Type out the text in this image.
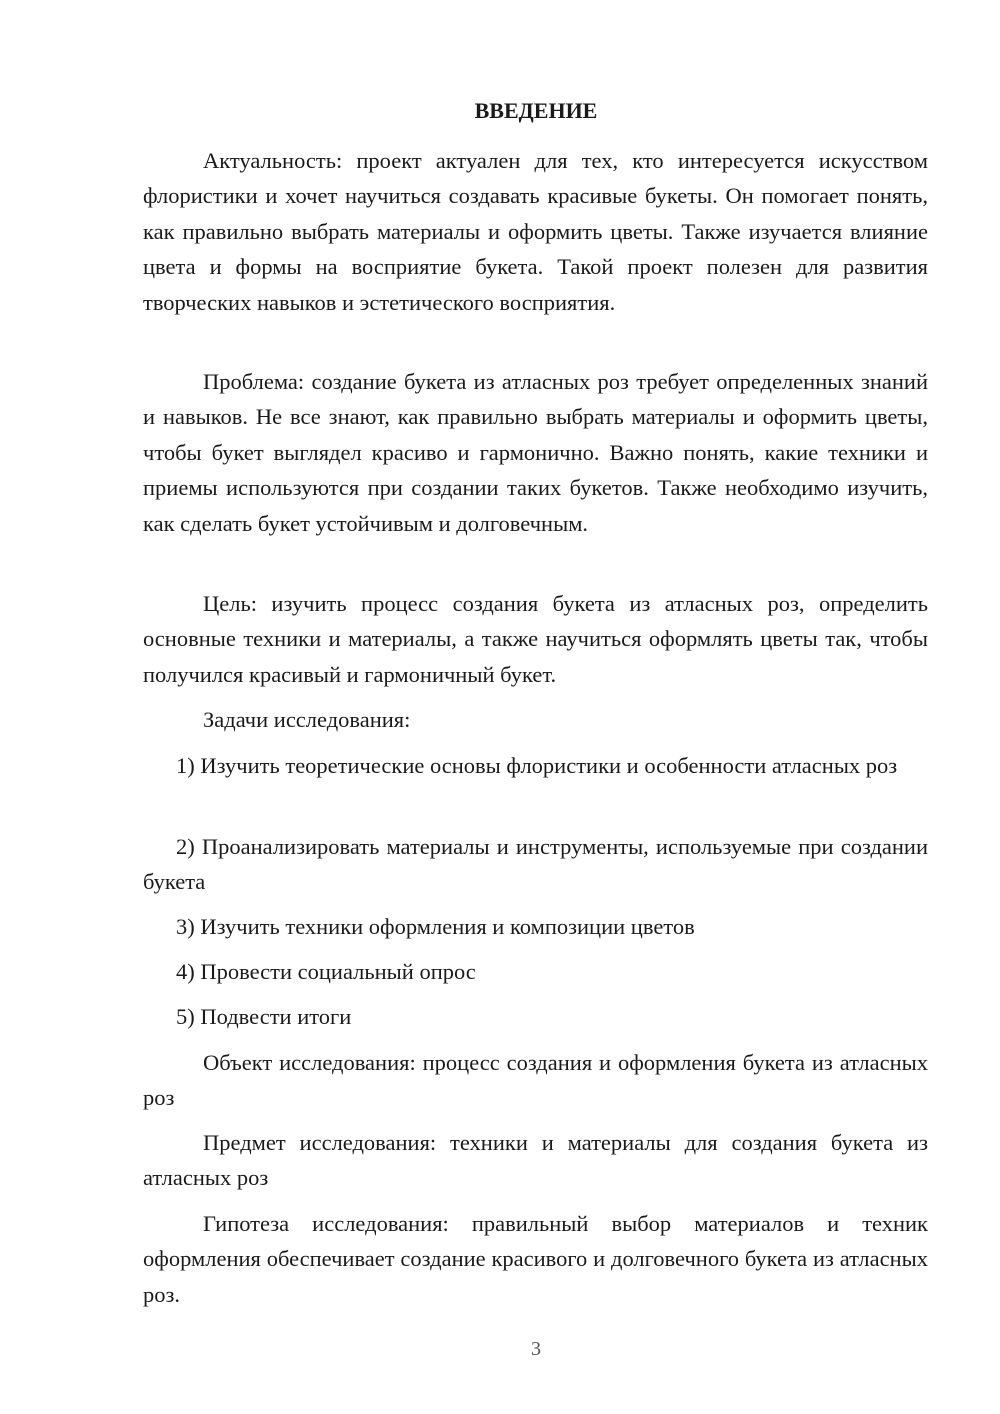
ВВЕДЕНИЕ

Актуальность: проект актуален для тех, кто интересуется искусством флористики и хочет научиться создавать красивые букеты. Он помогает понять, как правильно выбрать материалы и оформить цветы. Также изучается влияние цвета и формы на восприятие букета. Такой проект полезен для развития творческих навыков и эстетического восприятия.

Проблема: создание букета из атласных роз требует определенных знаний и навыков. Не все знают, как правильно выбрать материалы и оформить цветы, чтобы букет выглядел красиво и гармонично. Важно понять, какие техники и приемы используются при создании таких букетов. Также необходимо изучить, как сделать букет устойчивым и долговечным.

Цель: изучить процесс создания букета из атласных роз, определить основные техники и материалы, а также научиться оформлять цветы так, чтобы получился красивый и гармоничный букет.

Задачи исследования:

1) Изучить теоретические основы флористики и особенности атласных роз

2) Проанализировать материалы и инструменты, используемые при создании букета

3) Изучить техники оформления и композиции цветов

4) Провести социальный опрос

5) Подвести итоги

Объект исследования: процесс создания и оформления букета из атласных роз

Предмет исследования: техники и материалы для создания букета из атласных роз

Гипотеза исследования: правильный выбор материалов и техник оформления обеспечивает создание красивого и долговечного букета из атласных роз.

3
